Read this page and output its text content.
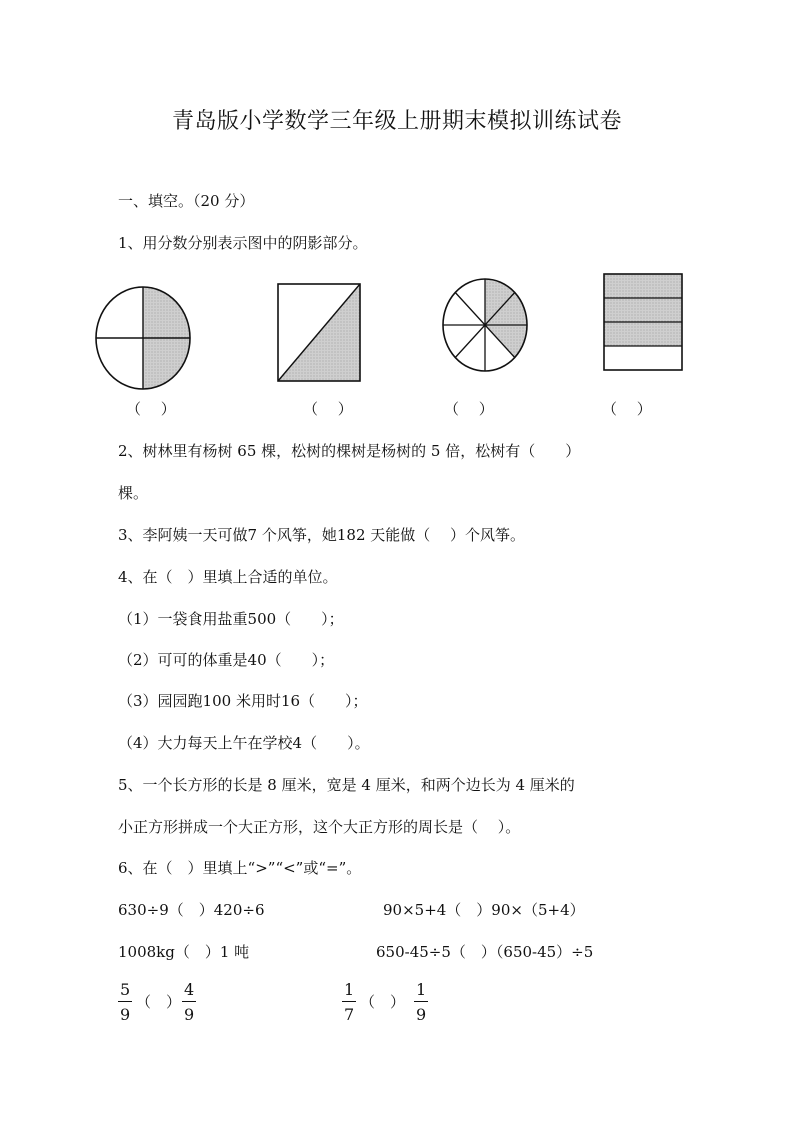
青岛版小学数学三年级上册期末模拟训练试卷
一、填空。（20 分）
1、用分数分别表示图中的阴影部分。
（　 ）	（　 ）	（　 ）	（　 ）
2、树林里有杨树 65 棵，松树的棵树是杨树的 5 倍，松树有（　　）
棵。
3、李阿姨一天可做7 个风筝，她182 天能做（　 ）个风筝。
4、在（　）里填上合适的单位。
（1）一袋食用盐重500（　　）；
（2）可可的体重是40（　　）；
（3）园园跑100 米用时16（　　）；
（4）大力每天上午在学校4（　　）。
5、一个长方形的长是 8 厘米，宽是 4 厘米，和两个边长为 4 厘米的
小正方形拼成一个大正方形，这个大正方形的周长是（　 ）。
6、在（　）里填上“>”“<”或“=”。
630÷9（　）420÷6	90×5+4（　）90×（5+4）
1008kg（　）1 吨	650-45÷5（　）（650-45）÷5
$\frac{5}{9}$ （　） $\frac{4}{9}$	$\frac{1}{7}$ （　） $\frac{1}{9}$
